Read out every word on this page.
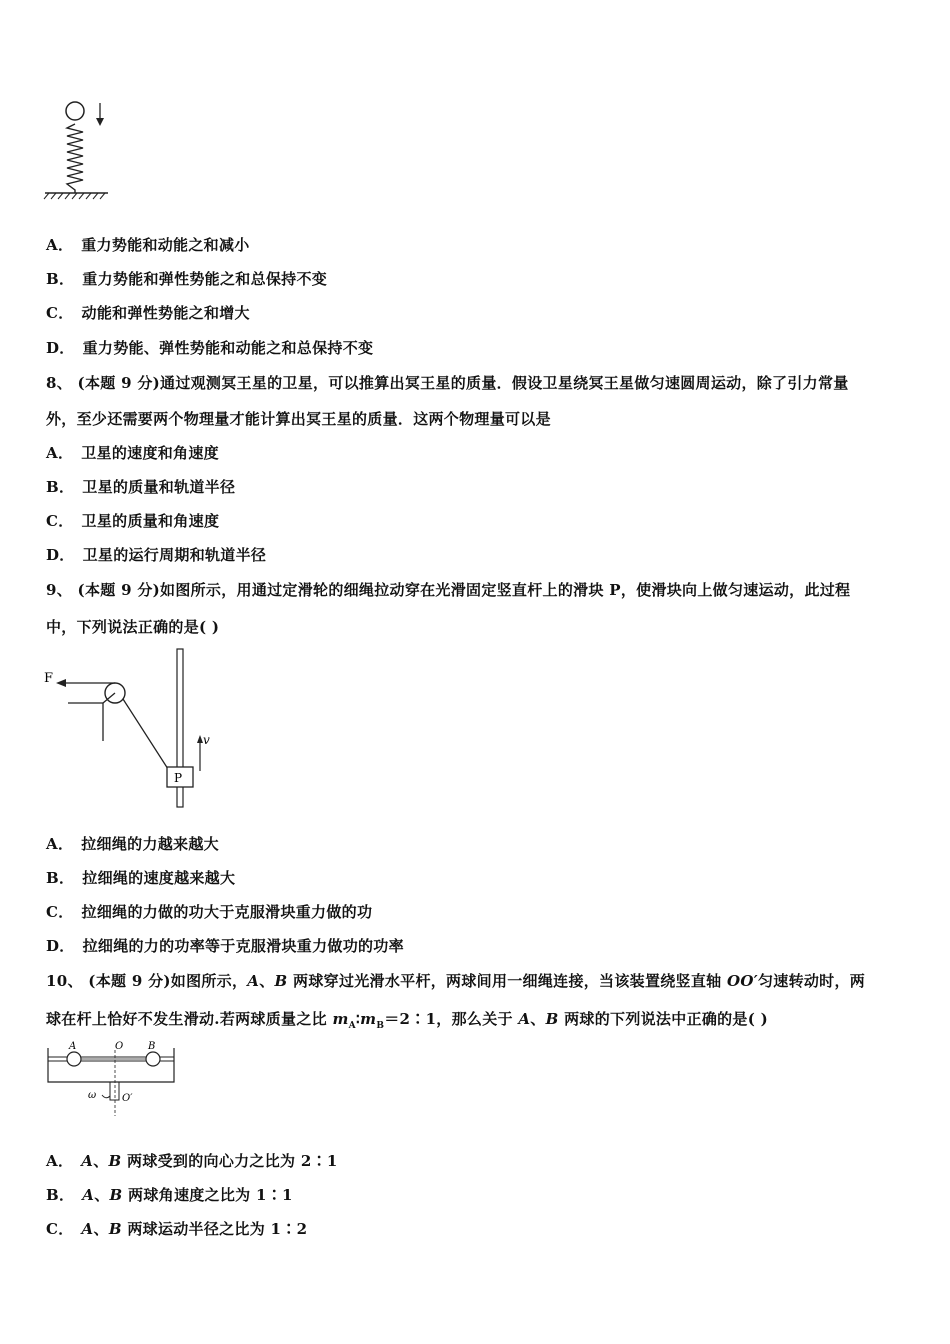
A． 重力势能和动能之和减小

B． 重力势能和弹性势能之和总保持不变

C． 动能和弹性势能之和增大

D． 重力势能、弹性势能和动能之和总保持不变

8、 (本题 9 分)通过观测冥王星的卫星，可以推算出冥王星的质量．假设卫星绕冥王星做匀速圆周运动，除了引力常量

外，至少还需要两个物理量才能计算出冥王星的质量．这两个物理量可以是

A． 卫星的速度和角速度

B． 卫星的质量和轨道半径

C． 卫星的质量和角速度

D． 卫星的运行周期和轨道半径

9、 (本题 9 分)如图所示，用通过定滑轮的细绳拉动穿在光滑固定竖直杆上的滑块 P，使滑块向上做匀速运动，此过程

中，下列说法正确的是( )

F
P
v

A． 拉细绳的力越来越大

B． 拉细绳的速度越来越大

C． 拉细绳的力做的功大于克服滑块重力做的功

D． 拉细绳的力的功率等于克服滑块重力做功的功率

10、 (本题 9 分)如图所示，A、B 两球穿过光滑水平杆，两球间用一细绳连接，当该装置绕竖直轴 OO′匀速转动时，两

球在杆上恰好不发生滑动.若两球质量之比 $m_A∶m_B=2∶1$，那么关于 A、B 两球的下列说法中正确的是( )

A	B
O
ω	O′

A． A、B 两球受到的向心力之比为 2∶1

B． A、B 两球角速度之比为 1∶1

C． A、B 两球运动半径之比为 1∶2
